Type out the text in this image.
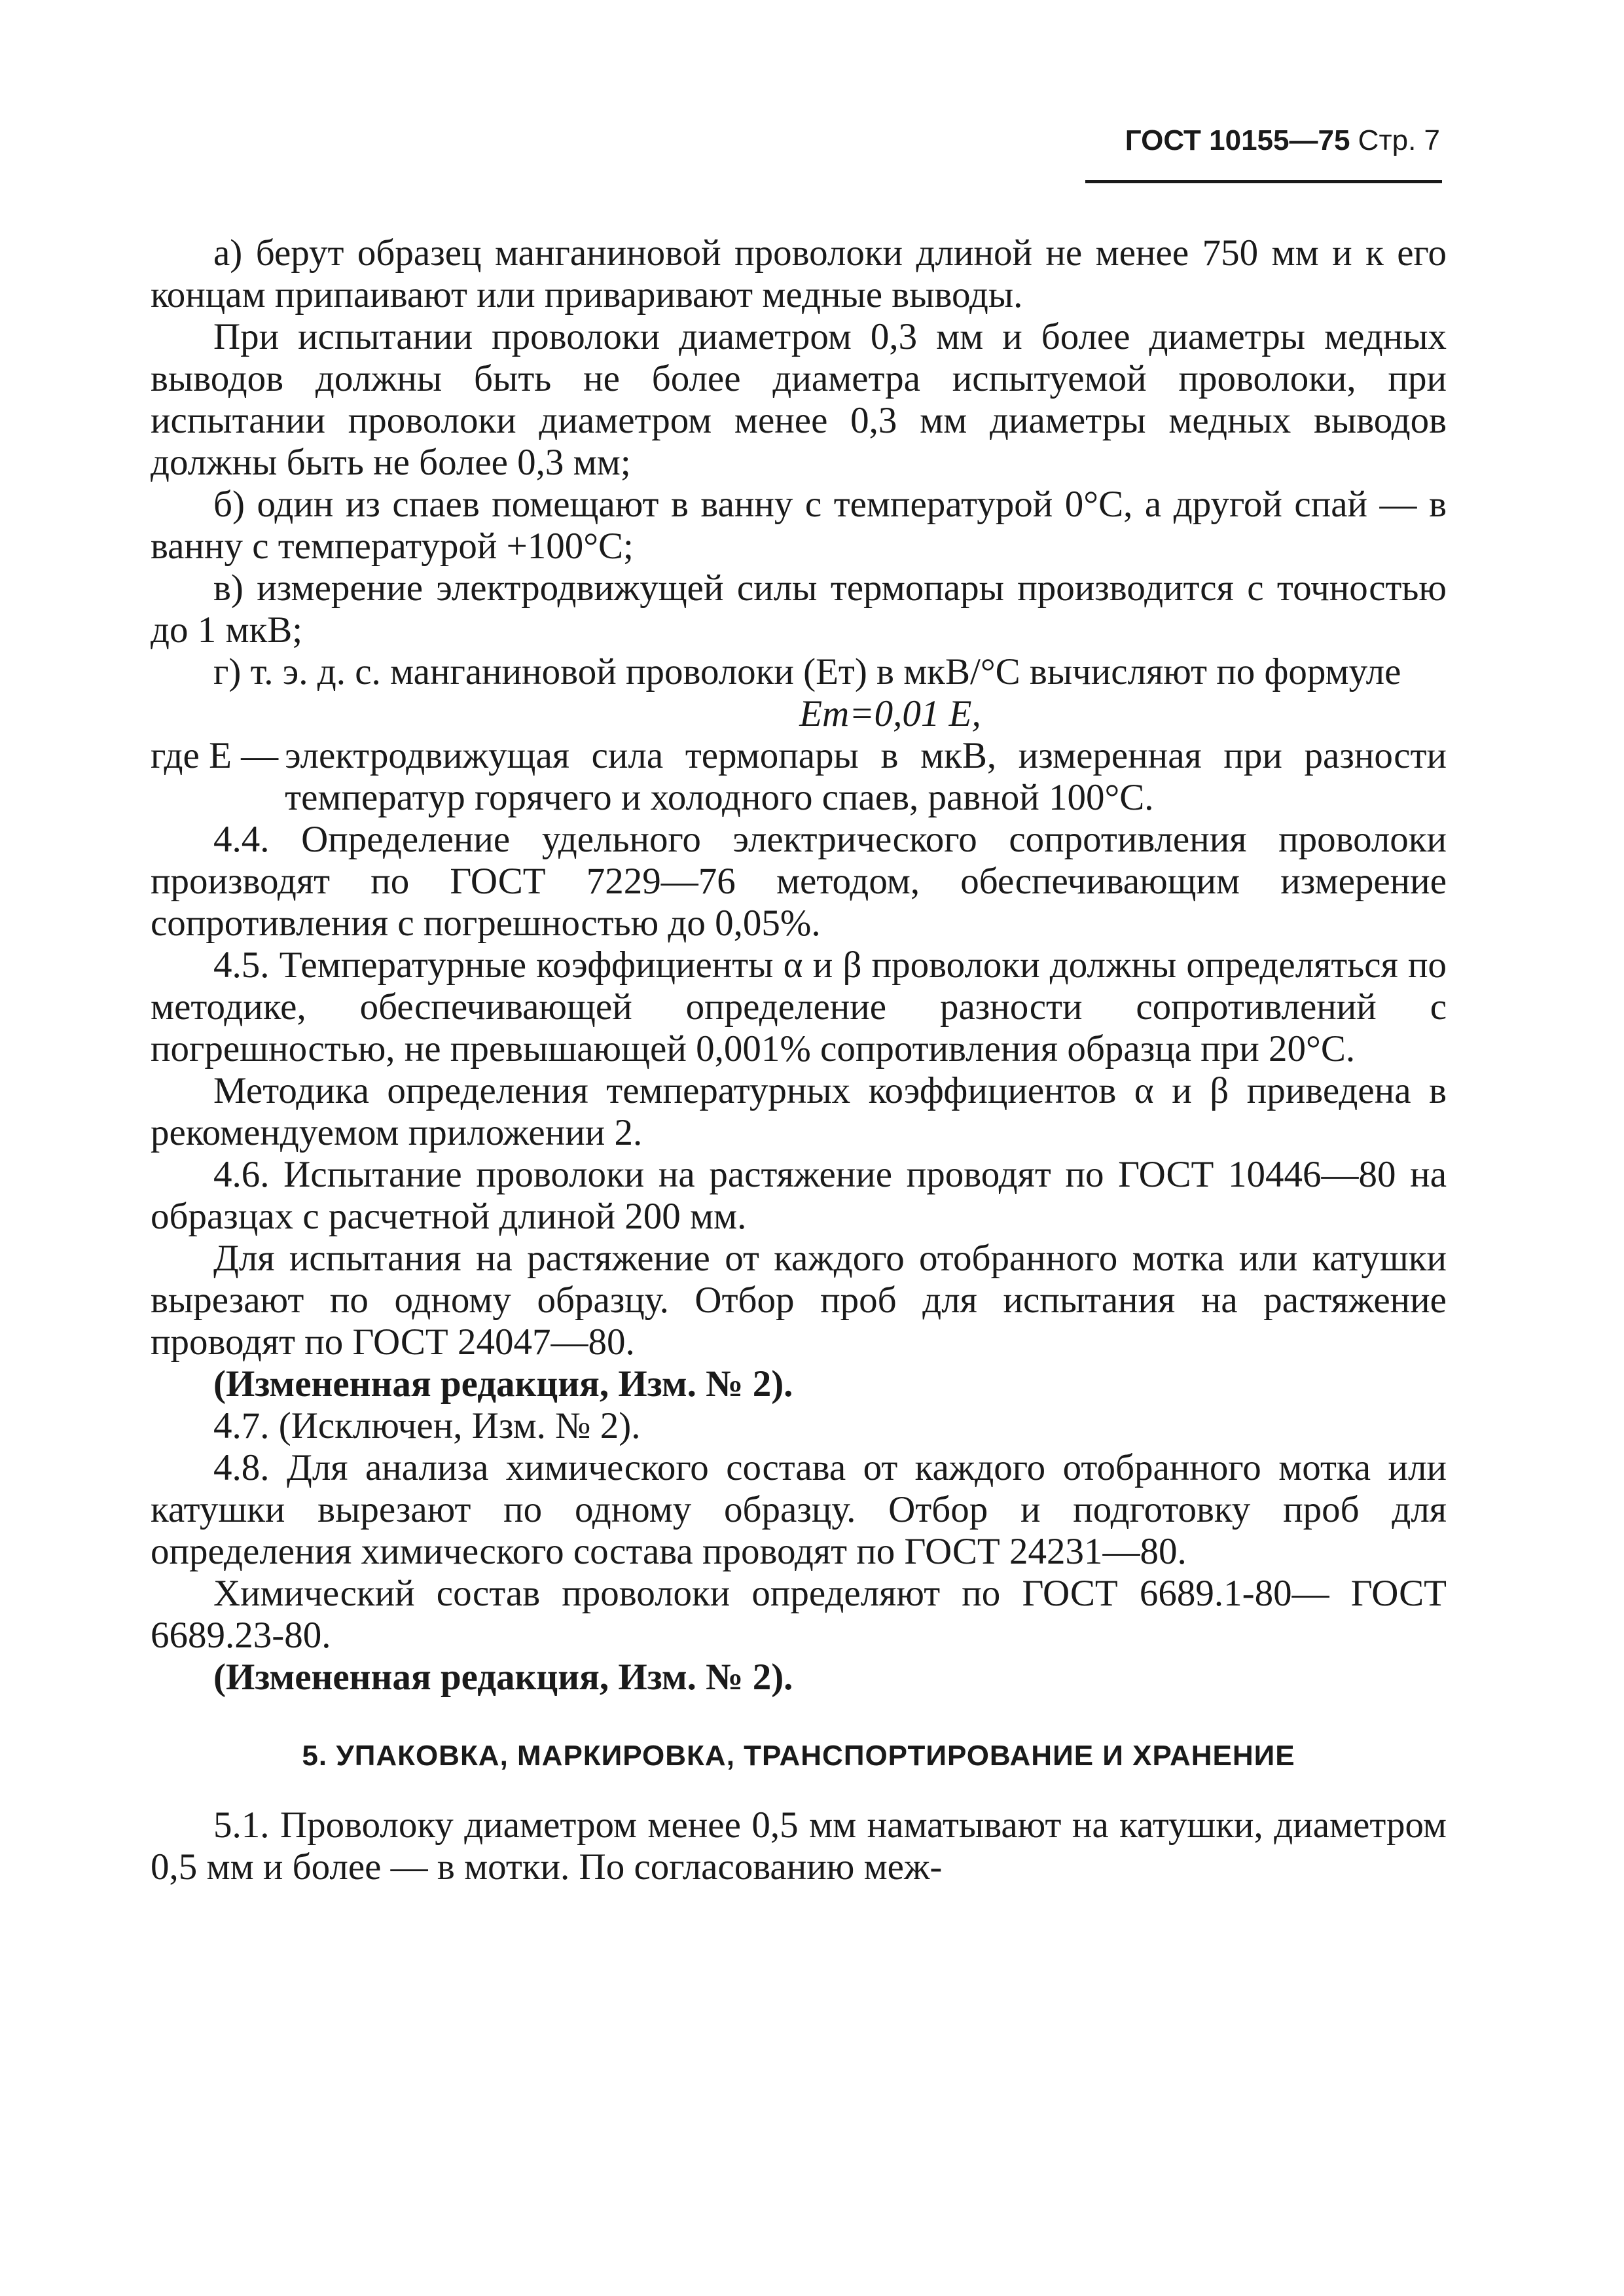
ГОСТ 10155—75 Стр. 7

а) берут образец манганиновой проволоки длиной не менее 750 мм и к его концам припаивают или приваривают медные выводы.

При испытании проволоки диаметром 0,3 мм и более диаметры медных выводов должны быть не более диаметра испытуемой проволоки, при испытании проволоки диаметром менее 0,3 мм диаметры медных выводов должны быть не более 0,3 мм;

б) один из спаев помещают в ванну с температурой 0°С, а другой спай — в ванну с температурой +100°С;

в) измерение электродвижущей силы термопары производится с точностью до 1 мкВ;

г) т. э. д. с. манганиновой проволоки (Eт) в мкВ/°С вычисляют по формуле

Eт=0,01 E,

где E — электродвижущая сила термопары в мкВ, измеренная при разности температур горячего и холодного спаев, равной 100°С.

4.4. Определение удельного электрического сопротивления проволоки производят по ГОСТ 7229—76 методом, обеспечивающим измерение сопротивления с погрешностью до 0,05%.

4.5. Температурные коэффициенты α и β проволоки должны определяться по методике, обеспечивающей определение разности сопротивлений с погрешностью, не превышающей 0,001% сопротивления образца при 20°С.

Методика определения температурных коэффициентов α и β приведена в рекомендуемом приложении 2.

4.6. Испытание проволоки на растяжение проводят по ГОСТ 10446—80 на образцах с расчетной длиной 200 мм.

Для испытания на растяжение от каждого отобранного мотка или катушки вырезают по одному образцу. Отбор проб для испытания на растяжение проводят по ГОСТ 24047—80.

(Измененная редакция, Изм. № 2).

4.7. (Исключен, Изм. № 2).

4.8. Для анализа химического состава от каждого отобранного мотка или катушки вырезают по одному образцу. Отбор и подготовку проб для определения химического состава проводят по ГОСТ 24231—80.

Химический состав проволоки определяют по ГОСТ 6689.1-80— ГОСТ 6689.23-80.

(Измененная редакция, Изм. № 2).

5. УПАКОВКА, МАРКИРОВКА, ТРАНСПОРТИРОВАНИЕ И ХРАНЕНИЕ

5.1. Проволоку диаметром менее 0,5 мм наматывают на катушки, диаметром 0,5 мм и более — в мотки. По согласованию меж-
